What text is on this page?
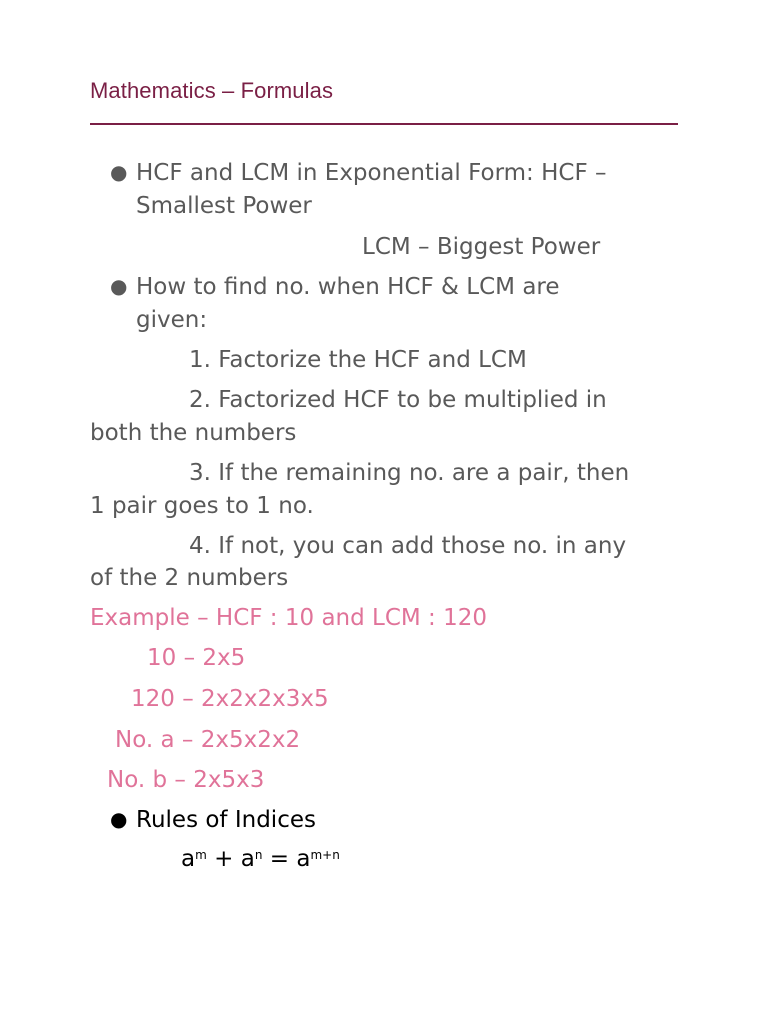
Mathematics – Formulas
● HCF and LCM in Exponential Form: HCF –
Smallest Power
LCM – Biggest Power
● How to find no. when HCF & LCM are
given:
1. Factorize the HCF and LCM
2. Factorized HCF to be multiplied in
both the numbers
3. If the remaining no. are a pair, then
1 pair goes to 1 no.
4. If not, you can add those no. in any
of the 2 numbers
Example – HCF : 10 and LCM : 120
10 – 2x5
120 – 2x2x2x3x5
No. a – 2x5x2x2
No. b – 2x5x3
● Rules of Indices
$a^m + a^n = a^{m+n}$
